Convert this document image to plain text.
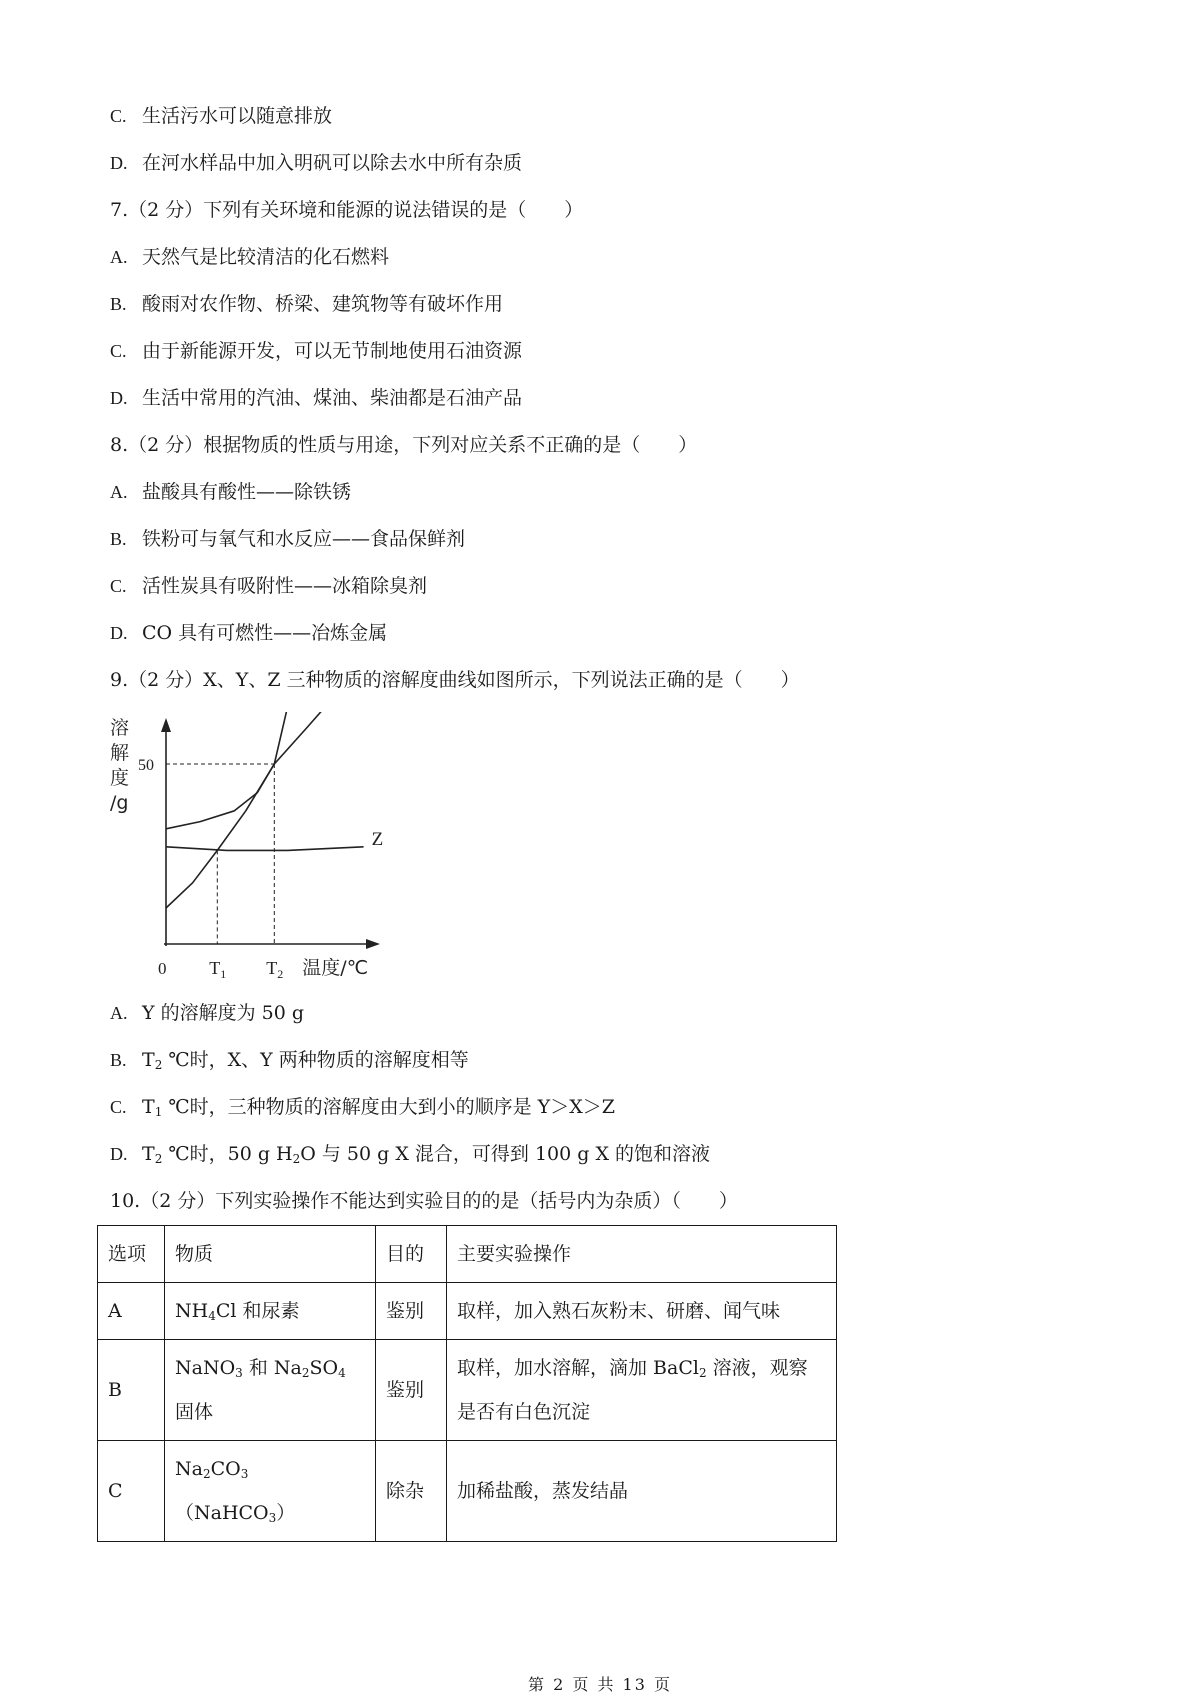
C. 生活污水可以随意排放
D. 在河水样品中加入明矾可以除去水中所有杂质
7.（2 分）下列有关环境和能源的说法错误的是（　　）
A. 天然气是比较清洁的化石燃料
B. 酸雨对农作物、桥梁、建筑物等有破坏作用
C. 由于新能源开发，可以无节制地使用石油资源
D. 生活中常用的汽油、煤油、柴油都是石油产品
8.（2 分）根据物质的性质与用途，下列对应关系不正确的是（　　）
A. 盐酸具有酸性——除铁锈
B. 铁粉可与氧气和水反应——食品保鲜剂
C. 活性炭具有吸附性——冰箱除臭剂
D. CO 具有可燃性——冶炼金属
9.（2 分）X、Y、Z 三种物质的溶解度曲线如图所示，下列说法正确的是（　　）
Z
溶
解
度
/g
50
0 $T_1$ $T_2$ 温度/℃
A. Y 的溶解度为 50 g
B. $T_2$ ℃时，X、Y 两种物质的溶解度相等
C. $T_1$ ℃时，三种物质的溶解度由大到小的顺序是 Y＞X＞Z
D. $T_2$ ℃时，50 g $H_2O$ 与 50 g X 混合，可得到 100 g X 的饱和溶液
10.（2 分）下列实验操作不能达到实验目的的是（括号内为杂质）（　　）
选项	物质	目的	主要实验操作
A	$NH_4Cl$ 和尿素	鉴别	取样，加入熟石灰粉末、研磨、闻气味
B	NaNO$_3$ 和 $Na_2SO_4$ 固体	鉴别	取样，加水溶解，滴加 BaCl$_2$ 溶液，观察是否有白色沉淀
C	$Na_2CO_3(NaHCO_3)$	除杂	加稀盐酸，蒸发结晶
第 2 页 共 13 页
